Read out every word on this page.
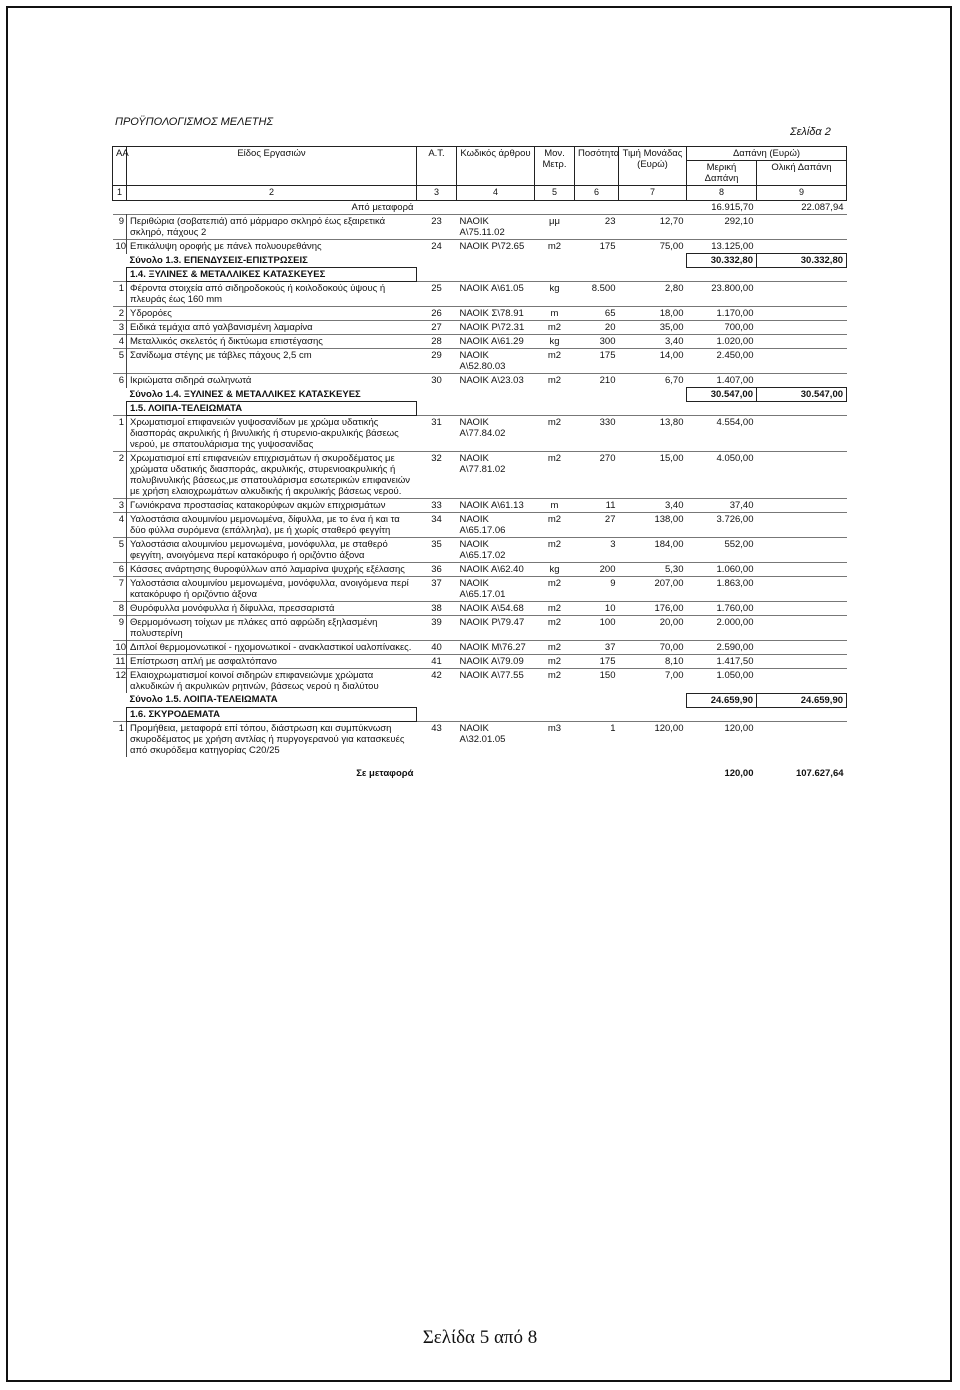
ΠΡΟΫΠΟΛΟΓΙΣΜΟΣ ΜΕΛΕΤΗΣ
Σελίδα 2
ΑΑ	Είδος Εργασιών	Α.Τ.	Κωδικός άρθρου	Μον. Μετρ.	Ποσότητα	Τιμή Μονάδας (Ευρώ)	Δαπάνη (Ευρώ)	
							Μερική Δαπάνη	Ολική Δαπάνη
1	2	3	4	5	6	7	8	9
	Από μεταφορά						16.915,70	22.087,94
9	Περιθώρια (σοβατεπιά) από μάρμαρο σκληρό έως εξαιρετικά σκληρό, πάχους 2	23	ΝΑΟΙΚ Α\75.11.02	μμ	23	12,70	292,10	
10	Επικάλυψη οροφής με πάνελ πολυουρεθάνης	24	ΝΑΟΙΚ Ρ\72.65	m2	175	75,00	13.125,00	
	Σύνολο 1.3. ΕΠΕΝΔΥΣΕΙΣ-ΕΠΙΣΤΡΩΣΕΙΣ						30.332,80	30.332,80
	1.4. ΞΥΛΙΝΕΣ & ΜΕΤΑΛΛΙΚΕΣ ΚΑΤΑΣΚΕΥΕΣ							
1	Φέροντα στοιχεία από σιδηροδοκούς ή κοιλοδοκούς ύψους ή πλευράς έως 160 mm	25	ΝΑΟΙΚ Α\61.05	kg	8.500	2,80	23.800,00	
2	Υδρορόες	26	ΝΑΟΙΚ Σ\78.91	m	65	18,00	1.170,00	
3	Ειδικά τεμάχια από γαλβανισμένη λαμαρίνα	27	ΝΑΟΙΚ Ρ\72.31	m2	20	35,00	700,00	
4	Μεταλλικός σκελετός ή δικτύωμα επιστέγασης	28	ΝΑΟΙΚ Α\61.29	kg	300	3,40	1.020,00	
5	Σανίδωμα στέγης με τάβλες πάχους 2,5 cm	29	ΝΑΟΙΚ Α\52.80.03	m2	175	14,00	2.450,00	
6	Ικριώματα σιδηρά σωληνωτά	30	ΝΑΟΙΚ Α\23.03	m2	210	6,70	1.407,00	
	Σύνολο 1.4. ΞΥΛΙΝΕΣ & ΜΕΤΑΛΛΙΚΕΣ ΚΑΤΑΣΚΕΥΕΣ						30.547,00	30.547,00
	1.5. ΛΟΙΠΑ-ΤΕΛΕΙΩΜΑΤΑ							
1	Χρωματισμοί επιφανειών γυψοσανίδων με χρώμα υδατικής διασποράς ακρυλικής ή βινυλικής ή στυρενιο-ακρυλικής βάσεως νερού, με σπατουλάρισμα της γυψοσανίδας	31	ΝΑΟΙΚ Α\77.84.02	m2	330	13,80	4.554,00	
2	Χρωματισμοί επί επιφανειών επιχρισμάτων ή σκυροδέματος με χρώματα υδατικής διασποράς, ακρυλικής, στυρενιοακρυλικής ή πολυβινυλικής βάσεως,με σπατουλάρισμα εσωτερικών επιφανειών με χρήση ελαιοχρωμάτων αλκυδικής ή ακρυλικής βάσεως νερού.	32	ΝΑΟΙΚ Α\77.81.02	m2	270	15,00	4.050,00	
3	Γωνιόκρανα προστασίας κατακορύφων ακμών επιχρισμάτων	33	ΝΑΟΙΚ Α\61.13	m	11	3,40	37,40	
4	Υαλοστάσια αλουμινίου μεμονωμένα, δίφυλλα, με το ένα ή και τα δύο φύλλα συρόμενα (επάλληλα), με ή χωρίς σταθερό φεγγίτη	34	ΝΑΟΙΚ Α\65.17.06	m2	27	138,00	3.726,00	
5	Υαλοστάσια αλουμινίου μεμονωμένα, μονόφυλλα, με σταθερό φεγγίτη, ανοιγόμενα περί κατακόρυφο ή οριζόντιο άξονα	35	ΝΑΟΙΚ Α\65.17.02	m2	3	184,00	552,00	
6	Κάσσες ανάρτησης θυροφύλλων από λαμαρίνα ψυχρής εξέλασης	36	ΝΑΟΙΚ Α\62.40	kg	200	5,30	1.060,00	
7	Υαλοστάσια αλουμινίου μεμονωμένα, μονόφυλλα, ανοιγόμενα περί κατακόρυφο ή οριζόντιο άξονα	37	ΝΑΟΙΚ Α\65.17.01	m2	9	207,00	1.863,00	
8	Θυρόφυλλα μονόφυλλα ή δίφυλλα, πρεσσαριστά	38	ΝΑΟΙΚ Α\54.68	m2	10	176,00	1.760,00	
9	Θερμομόνωση τοίχων με πλάκες από αφρώδη εξηλασμένη πολυστερίνη	39	ΝΑΟΙΚ Ρ\79.47	m2	100	20,00	2.000,00	
10	Διπλοί θερμομονωτικοί - ηχομονωτικοί - ανακλαστικοί υαλοπίνακες.	40	ΝΑΟΙΚ Μ\76.27	m2	37	70,00	2.590,00	
11	Επίστρωση απλή με ασφαλτόπανο	41	ΝΑΟΙΚ Α\79.09	m2	175	8,10	1.417,50	
12	Ελαιοχρωματισμοί κοινοί σιδηρών επιφανειώνμε χρώματα αλκυδικών ή ακρυλικών ρητινών, βάσεως νερού η διαλύτου	42	ΝΑΟΙΚ Α\77.55	m2	150	7,00	1.050,00	
	Σύνολο 1.5. ΛΟΙΠΑ-ΤΕΛΕΙΩΜΑΤΑ						24.659,90	24.659,90
	1.6. ΣΚΥΡΟΔΕΜΑΤΑ							
1	Προμήθεια, μεταφορά επί τόπου, διάστρωση και συμπύκνωση σκυροδέματος με χρήση αντλίας ή πυργογερανού για κατασκευές από σκυρόδεμα κατηγορίας C20/25	43	ΝΑΟΙΚ Α\32.01.05	m3	1	120,00	120,00	

	Σε μεταφορά						120,00	107.627,64
Σελίδα 5 από 8
